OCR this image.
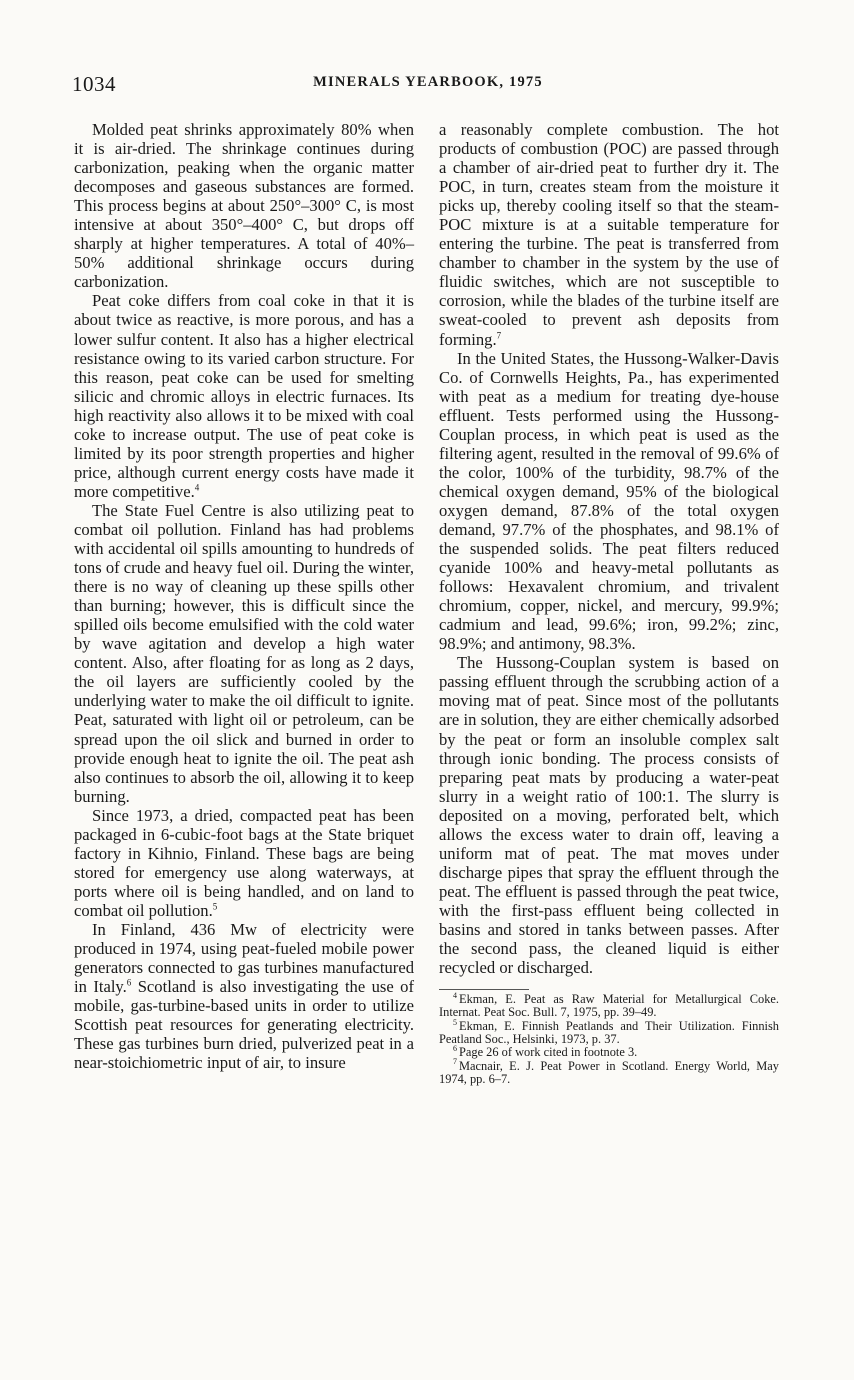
1034	MINERALS YEARBOOK, 1975

Molded peat shrinks approximately 80% when it is air-dried. The shrinkage continues during carbonization, peaking when the organic matter decomposes and gaseous substances are formed. This process begins at about 250°–300° C, is most intensive at about 350°–400° C, but drops off sharply at higher temperatures. A total of 40%–50% additional shrinkage occurs during carbonization.

Peat coke differs from coal coke in that it is about twice as reactive, is more porous, and has a lower sulfur content. It also has a higher electrical resistance owing to its varied carbon structure. For this reason, peat coke can be used for smelting silicic and chromic alloys in electric furnaces. Its high reactivity also allows it to be mixed with coal coke to increase output. The use of peat coke is limited by its poor strength properties and higher price, although current energy costs have made it more competitive.$^4$

The State Fuel Centre is also utilizing peat to combat oil pollution. Finland has had problems with accidental oil spills amounting to hundreds of tons of crude and heavy fuel oil. During the winter, there is no way of cleaning up these spills other than burning; however, this is difficult since the spilled oils become emulsified with the cold water by wave agitation and develop a high water content. Also, after floating for as long as 2 days, the oil layers are sufficiently cooled by the underlying water to make the oil difficult to ignite. Peat, saturated with light oil or petroleum, can be spread upon the oil slick and burned in order to provide enough heat to ignite the oil. The peat ash also continues to absorb the oil, allowing it to keep burning.

Since 1973, a dried, compacted peat has been packaged in 6-cubic-foot bags at the State briquet factory in Kihnio, Finland. These bags are being stored for emergency use along waterways, at ports where oil is being handled, and on land to combat oil pollution.$^5$

In Finland, 436 Mw of electricity were produced in 1974, using peat-fueled mobile power generators connected to gas turbines manufactured in Italy.$^6$ Scotland is also investigating the use of mobile, gas-turbine-based units in order to utilize Scottish peat resources for generating electricity. These gas turbines burn dried, pulverized peat in a near-stoichiometric input of air, to insure

a reasonably complete combustion. The hot products of combustion (POC) are passed through a chamber of air-dried peat to further dry it. The POC, in turn, creates steam from the moisture it picks up, thereby cooling itself so that the steam-POC mixture is at a suitable temperature for entering the turbine. The peat is transferred from chamber to chamber in the system by the use of fluidic switches, which are not susceptible to corrosion, while the blades of the turbine itself are sweat-cooled to prevent ash deposits from forming.$^7$

In the United States, the Hussong-Walker-Davis Co. of Cornwells Heights, Pa., has experimented with peat as a medium for treating dye-house effluent. Tests performed using the Hussong-Couplan process, in which peat is used as the filtering agent, resulted in the removal of 99.6% of the color, 100% of the turbidity, 98.7% of the chemical oxygen demand, 95% of the biological oxygen demand, 87.8% of the total oxygen demand, 97.7% of the phosphates, and 98.1% of the suspended solids. The peat filters reduced cyanide 100% and heavy-metal pollutants as follows: Hexavalent chromium, and trivalent chromium, copper, nickel, and mercury, 99.9%; cadmium and lead, 99.6%; iron, 99.2%; zinc, 98.9%; and antimony, 98.3%.

The Hussong-Couplan system is based on passing effluent through the scrubbing action of a moving mat of peat. Since most of the pollutants are in solution, they are either chemically adsorbed by the peat or form an insoluble complex salt through ionic bonding. The process consists of preparing peat mats by producing a water-peat slurry in a weight ratio of 100:1. The slurry is deposited on a moving, perforated belt, which allows the excess water to drain off, leaving a uniform mat of peat. The mat moves under discharge pipes that spray the effluent through the peat. The effluent is passed through the peat twice, with the first-pass effluent being collected in basins and stored in tanks between passes. After the second pass, the cleaned liquid is either recycled or discharged.

$^4$ Ekman, E. Peat as Raw Material for Metallurgical Coke. Internat. Peat Soc. Bull. 7, 1975, pp. 39–49.

$^5$ Ekman, E. Finnish Peatlands and Their Utilization. Finnish Peatland Soc., Helsinki, 1973, p. 37.

$^6$ Page 26 of work cited in footnote 3.

$^7$ Macnair, E. J. Peat Power in Scotland. Energy World, May 1974, pp. 6–7.
